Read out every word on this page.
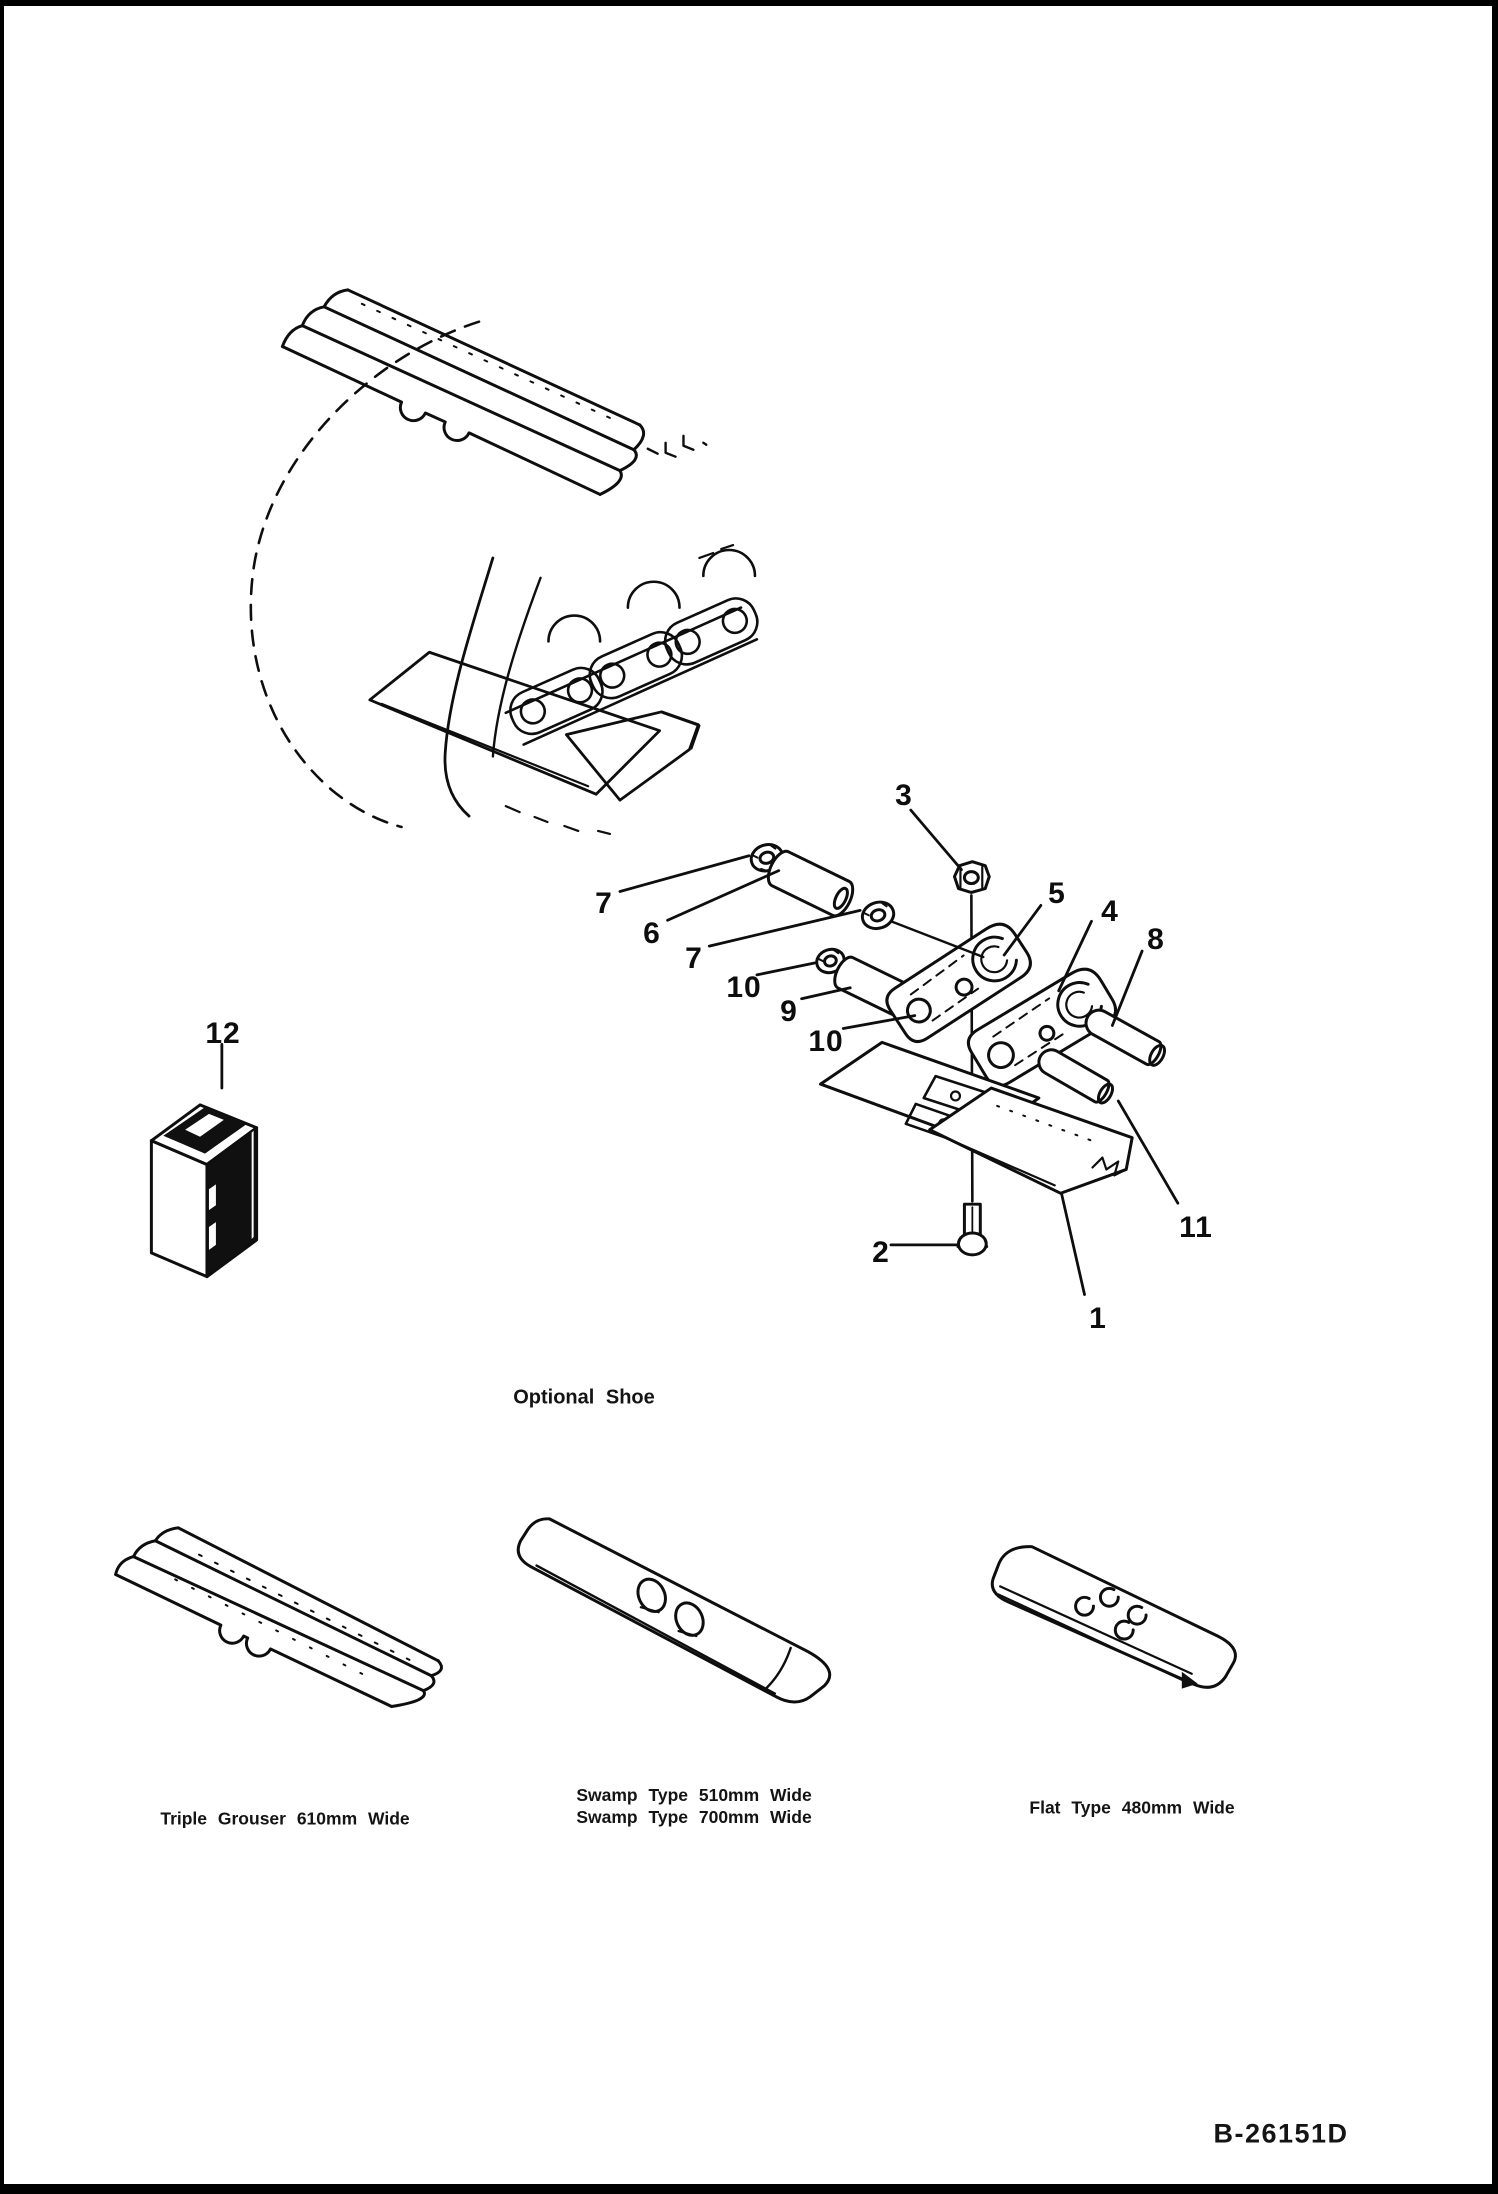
1
2
3
4
5
6
7
7
8
9
10
10
11
12
Optional Shoe
Triple Grouser 610mm Wide
Swamp Type 510mm Wide
Swamp Type 700mm Wide	Flat Type 480mm Wide
B-26151D
